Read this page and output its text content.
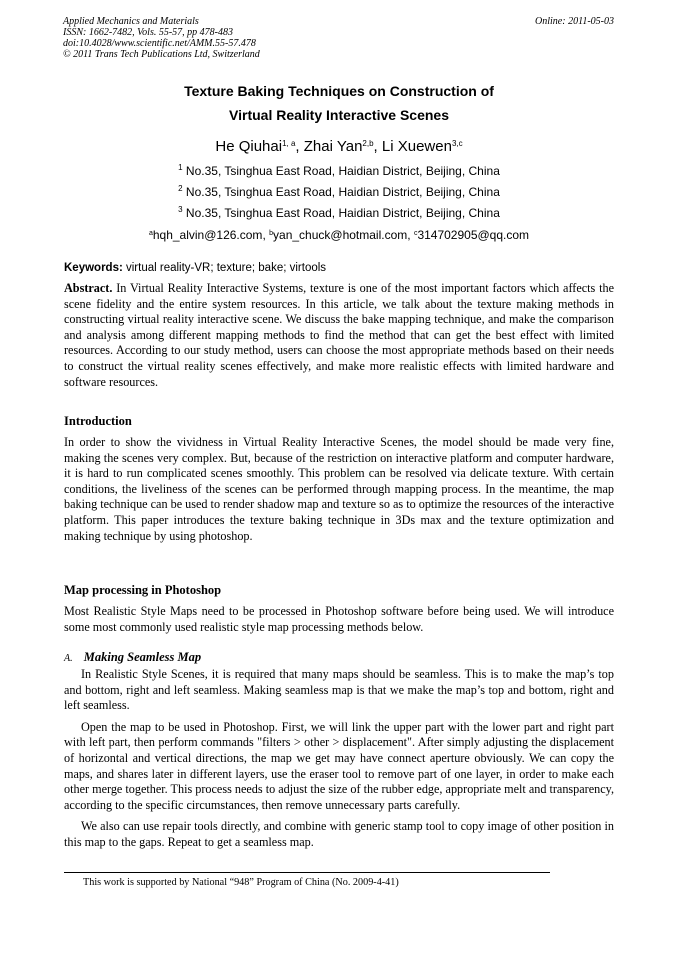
Applied Mechanics and Materials
ISSN: 1662-7482, Vols. 55-57, pp 478-483
doi:10.4028/www.scientific.net/AMM.55-57.478
© 2011 Trans Tech Publications Ltd, Switzerland
Online: 2011-05-03
Texture Baking Techniques on Construction of
Virtual Reality Interactive Scenes
He Qiuhai$^{1, a}$, Zhai Yan$^{2,b}$, Li Xuewen$^{3,c}$
$^1$ No.35, Tsinghua East Road, Haidian District, Beijing, China
$^2$ No.35, Tsinghua East Road, Haidian District, Beijing, China
$^3$ No.35, Tsinghua East Road, Haidian District, Beijing, China
$^a$hqh_alvin@126.com, $^b$yan_chuck@hotmail.com, $^c$314702905@qq.com
Keywords: virtual reality-VR; texture; bake; virtools
Abstract. In Virtual Reality Interactive Systems, texture is one of the most important factors which affects the scene fidelity and the entire system resources. In this article, we talk about the texture making methods in constructing virtual reality interactive scene. We discuss the bake mapping technique, and make the comparison and analysis among different mapping methods to find the method that can get the best effect with limited resources. According to our study method, users can choose the most appropriate methods based on their needs to construct the virtual reality scenes effectively, and make more realistic effects with limited hardware and software resources.
Introduction
In order to show the vividness in Virtual Reality Interactive Scenes, the model should be made very fine, making the scenes very complex. But, because of the restriction on interactive platform and computer hardware, it is hard to run complicated scenes smoothly. This problem can be resolved via delicate texture. With certain conditions, the liveliness of the scenes can be performed through mapping process. In the meantime, the map baking technique can be used to render shadow map and texture so as to optimize the resources of the interactive platform. This paper introduces the texture baking technique in 3Ds max and the texture optimization and making technique by using photoshop.
Map processing in Photoshop
Most Realistic Style Maps need to be processed in Photoshop software before being used. We will introduce some most commonly used realistic style map processing methods below.
A. Making Seamless Map

In Realistic Style Scenes, it is required that many maps should be seamless. This is to make the map’s top and bottom, right and left seamless. Making seamless map is that we make the map’s top and bottom, right and left seamless.

Open the map to be used in Photoshop. First, we will link the upper part with the lower part and right part with left part, then perform commands "filters > other > displacement". After simply adjusting the displacement of horizontal and vertical directions, the map we get may have connect aperture obviously. We can copy the maps, and shares later in different layers, use the eraser tool to remove part of one layer, in order to make each other merge together. This process needs to adjust the size of the rubber edge, appropriate melt and transparency, according to the specific circumstances, then remove unnecessary parts carefully.

We also can use repair tools directly, and combine with generic stamp tool to copy image of other position in this map to the gaps. Repeat to get a seamless map.

This work is supported by National “948” Program of China (No. 2009-4-41)
